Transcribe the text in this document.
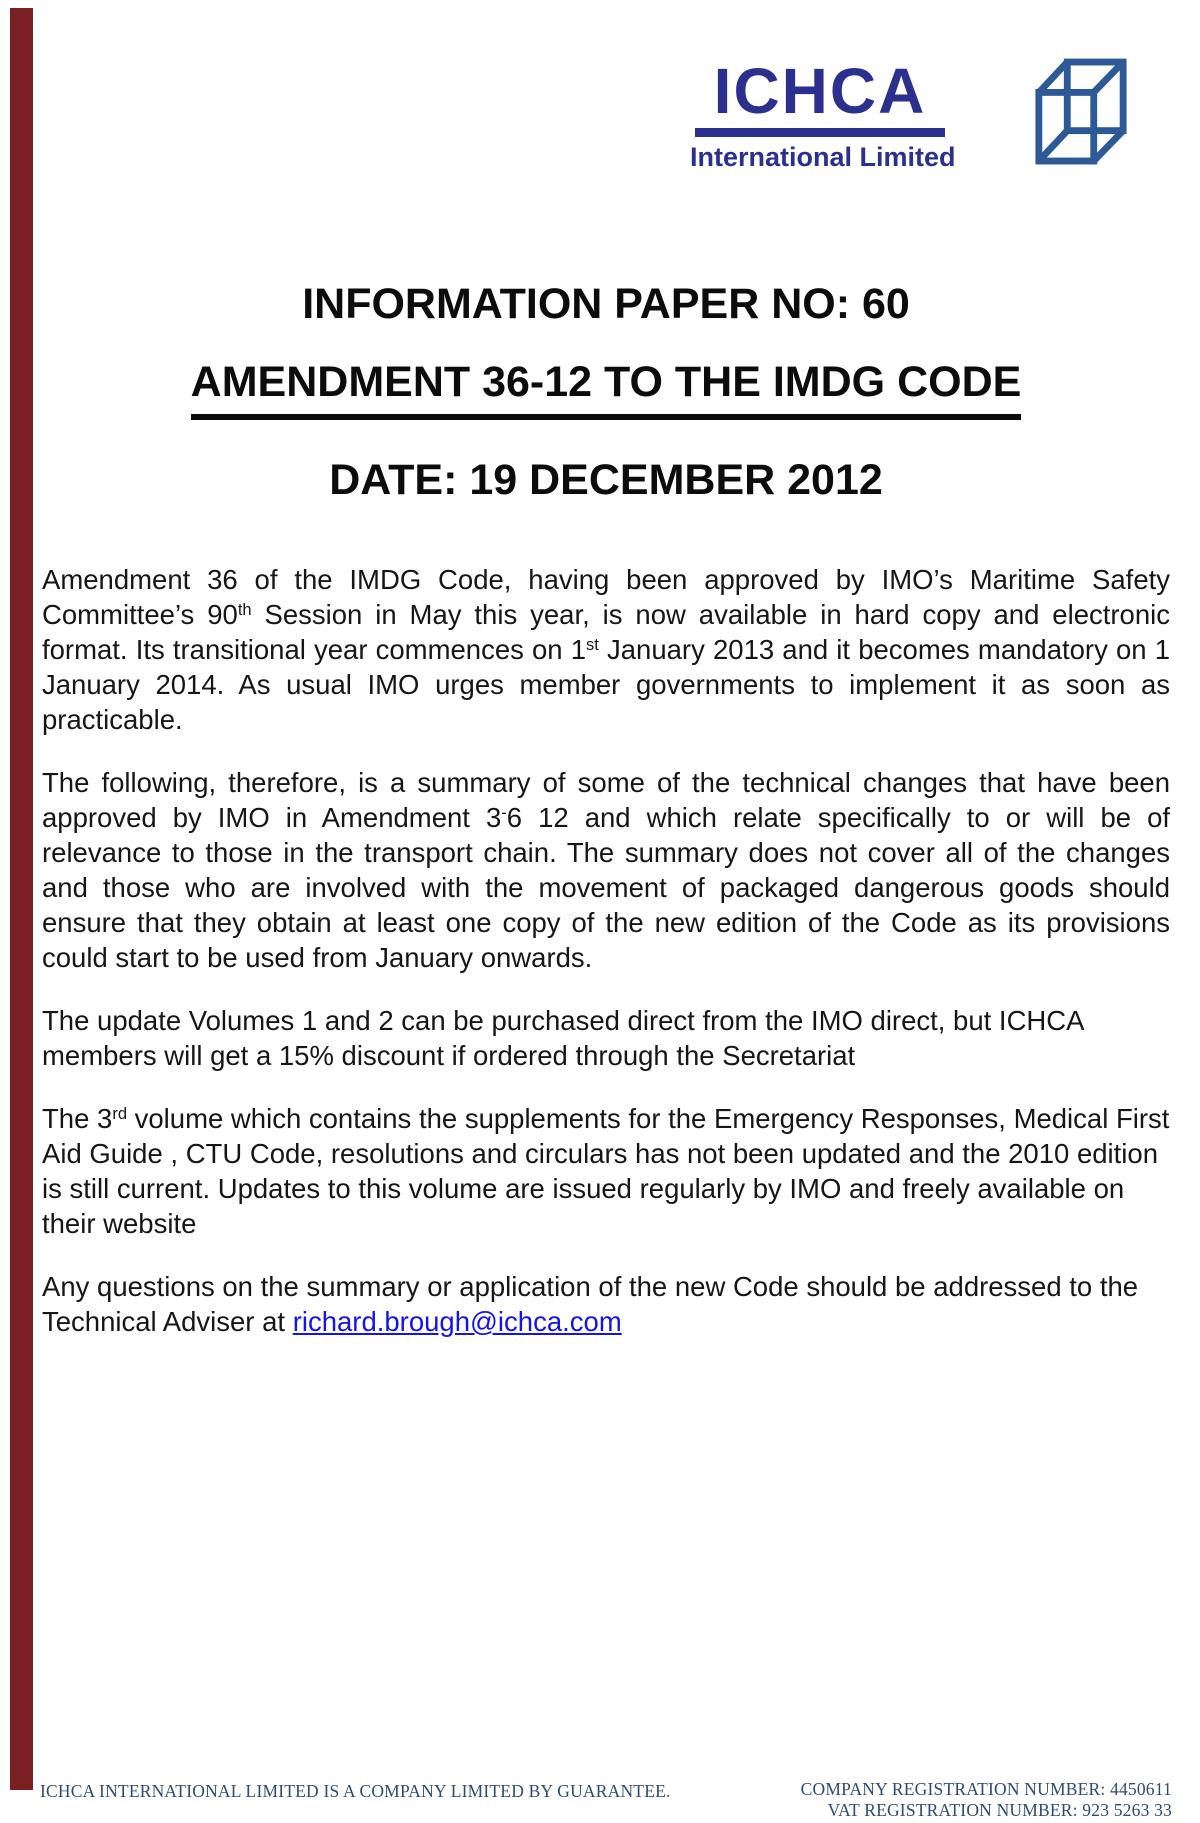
ICHCA
International Limited
INFORMATION PAPER NO: 60
AMENDMENT 36-12 TO THE IMDG CODE
DATE: 19 DECEMBER 2012

Amendment 36 of the IMDG Code, having been approved by IMO’s Maritime Safety Committee’s 90th Session in May this year, is now available in hard copy and electronic format. Its transitional year commences on 1st January 2013 and it becomes mandatory on 1 January 2014. As usual IMO urges member governments to implement it as soon as practicable.

The following, therefore, is a summary of some of the technical changes that have been approved by IMO in Amendment 3-6 12 and which relate specifically to or will be of relevance to those in the transport chain. The summary does not cover all of the changes and those who are involved with the movement of packaged dangerous goods should ensure that they obtain at least one copy of the new edition of the Code as its provisions could start to be used from January onwards.

The update Volumes 1 and 2 can be purchased direct from the IMO direct, but ICHCA members will get a 15% discount if ordered through the Secretariat

The 3rd volume which contains the supplements for the Emergency Responses, Medical First Aid Guide , CTU Code, resolutions and circulars has not been updated and the 2010 edition is still current. Updates to this volume are issued regularly by IMO and freely available on their website

Any questions on the summary or application of the new Code should be addressed to the Technical Adviser at richard.brough@ichca.com

ICHCA INTERNATIONAL LIMITED IS A COMPANY LIMITED BY GUARANTEE.	COMPANY REGISTRATION NUMBER: 4450611
VAT REGISTRATION NUMBER: 923 5263 33
